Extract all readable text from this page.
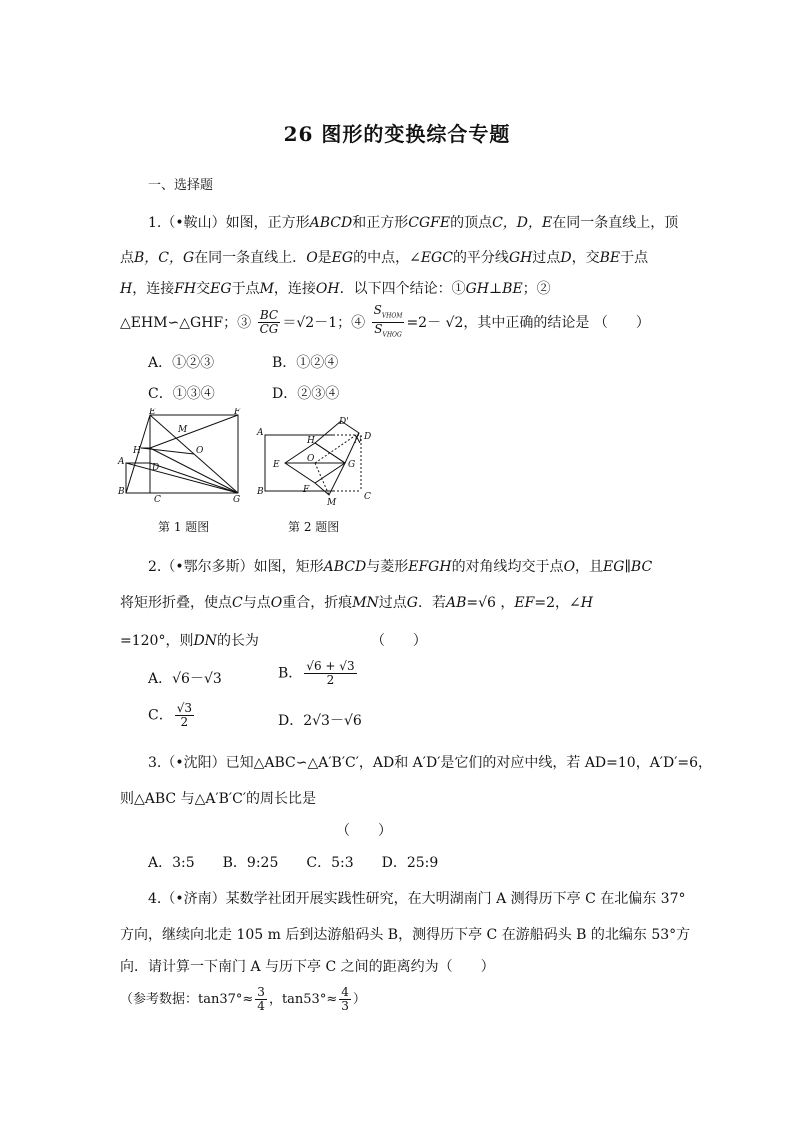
26 图形的变换综合专题
一、选择题
1.（•鞍山）如图，正方形ABCD和正方形CGFE的顶点C，D，E在同一条直线上，顶
点B，C，G在同一条直线上．O是EG的中点，∠EGC的平分线GH过点D，交BE于点
H，连接FH交EG于点M，连接OH．以下四个结论：①GH⊥BE；②
△EHM∽△GHF；③ $\frac{BC}{CG} =√2-1$；④ $\frac{S_{VHOM}}{S_{VHOG}} =2- √2$，其中正确的结论是 （　　）
A．①②③	B．①②④
C．①③④	D．②③④
E	F
M
O
H
A
D
B
C	G
A
D'
D
H	N
O
E	G
F
B
M
C
第 1 题图	第 2 题图
2.（•鄂尔多斯）如图，矩形ABCD与菱形EFGH的对角线均交于点O，且EG∥BC
将矩形折叠，使点C与点O重合，折痕MN过点G．若AB=√6 ，EF=2，∠H
=120°，则DN的长为	（　　）
A．√6－√3	B． $\frac{√6 + √3}{2}$
C． $\frac{√3}{2}$	D．2√3－√6
3.（•沈阳）已知△ABC∽△A′B′C′，AD和 A′D′是它们的对应中线，若 AD=10，A′D′=6，
则△ABC 与△A′B′C′的周长比是
（　　）
A．3:5　　B．9:25　　C．5:3　　D．25:9
4.（•济南）某数学社团开展实践性研究，在大明湖南门 A 测得历下亭 C 在北偏东 37°
方向，继续向北走 105 m 后到达游船码头 B，测得历下亭 C 在游船码头 B 的北编东 53°方
向．请计算一下南门 A 与历下亭 C 之间的距离约为（　　）
（参考数据：$\tan 37^\circ\approx \frac{3}{4}$ ，$\tan 53^\circ\approx \frac{4}{3}$ ）
